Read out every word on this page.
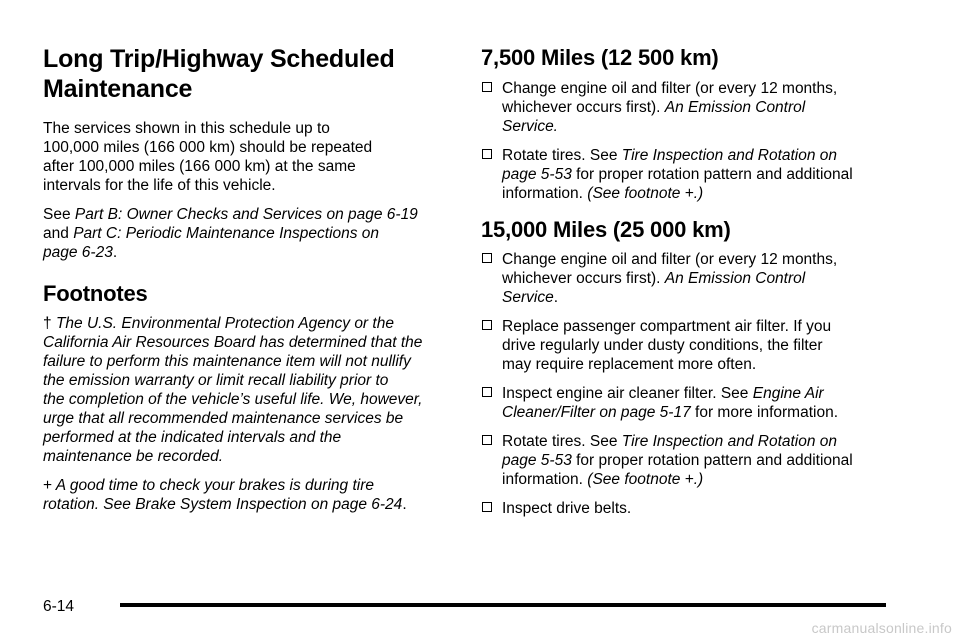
Long Trip/Highway Scheduled
Maintenance

The services shown in this schedule up to
100,000 miles (166 000 km) should be repeated
after 100,000 miles (166 000 km) at the same
intervals for the life of this vehicle.

See Part B: Owner Checks and Services on page 6-19
and Part C: Periodic Maintenance Inspections on
page 6-23.

Footnotes

† The U.S. Environmental Protection Agency or the
California Air Resources Board has determined that the
failure to perform this maintenance item will not nullify
the emission warranty or limit recall liability prior to
the completion of the vehicle’s useful life. We, however,
urge that all recommended maintenance services be
performed at the indicated intervals and the
maintenance be recorded.

+ A good time to check your brakes is during tire
rotation. See Brake System Inspection on page 6-24.

7,500 Miles (12 500 km)
Change engine oil and filter (or every 12 months,
whichever occurs first). An Emission Control
Service.
Rotate tires. See Tire Inspection and Rotation on
page 5-53 for proper rotation pattern and additional
information. (See footnote +.)
15,000 Miles (25 000 km)
Change engine oil and filter (or every 12 months,
whichever occurs first). An Emission Control
Service.
Replace passenger compartment air filter. If you
drive regularly under dusty conditions, the filter
may require replacement more often.
Inspect engine air cleaner filter. See Engine Air
Cleaner/Filter on page 5-17 for more information.
Rotate tires. See Tire Inspection and Rotation on
page 5-53 for proper rotation pattern and additional
information. (See footnote +.)
Inspect drive belts.
6-14
carmanualsonline.info
